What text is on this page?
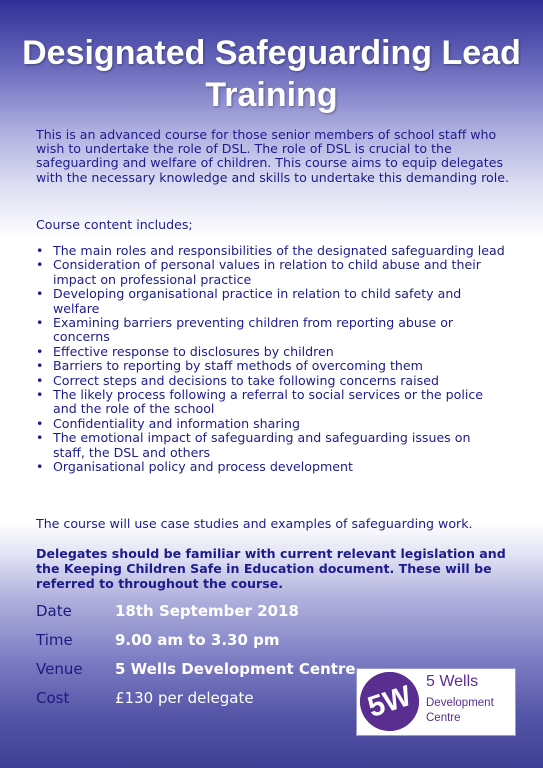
Designated Safeguarding Lead Training

This is an advanced course for those senior members of school staff who wish to undertake the role of DSL. The role of DSL is crucial to the safeguarding and welfare of children. This course aims to equip delegates with the necessary knowledge and skills to undertake this demanding role.

Course content includes;

• The main roles and responsibilities of the designated safeguarding lead
• Consideration of personal values in relation to child abuse and their impact on professional practice
• Developing organisational practice in relation to child safety and welfare
• Examining barriers preventing children from reporting abuse or concerns
• Effective response to disclosures by children
• Barriers to reporting by staff methods of overcoming them
• Correct steps and decisions to take following concerns raised
• The likely process following a referral to social services or the police and the role of the school
• Confidentiality and information sharing
• The emotional impact of safeguarding and safeguarding issues on staff, the DSL and others
• Organisational policy and process development

The course will use case studies and examples of safeguarding work.

Delegates should be familiar with current relevant legislation and the Keeping Children Safe in Education document. These will be referred to throughout the course.

Date	18th September 2018
Time	9.00 am to 3.30 pm
Venue 5 Wells Development Centre
Cost	£130 per delegate	5W 5 Wells
Development Centre
